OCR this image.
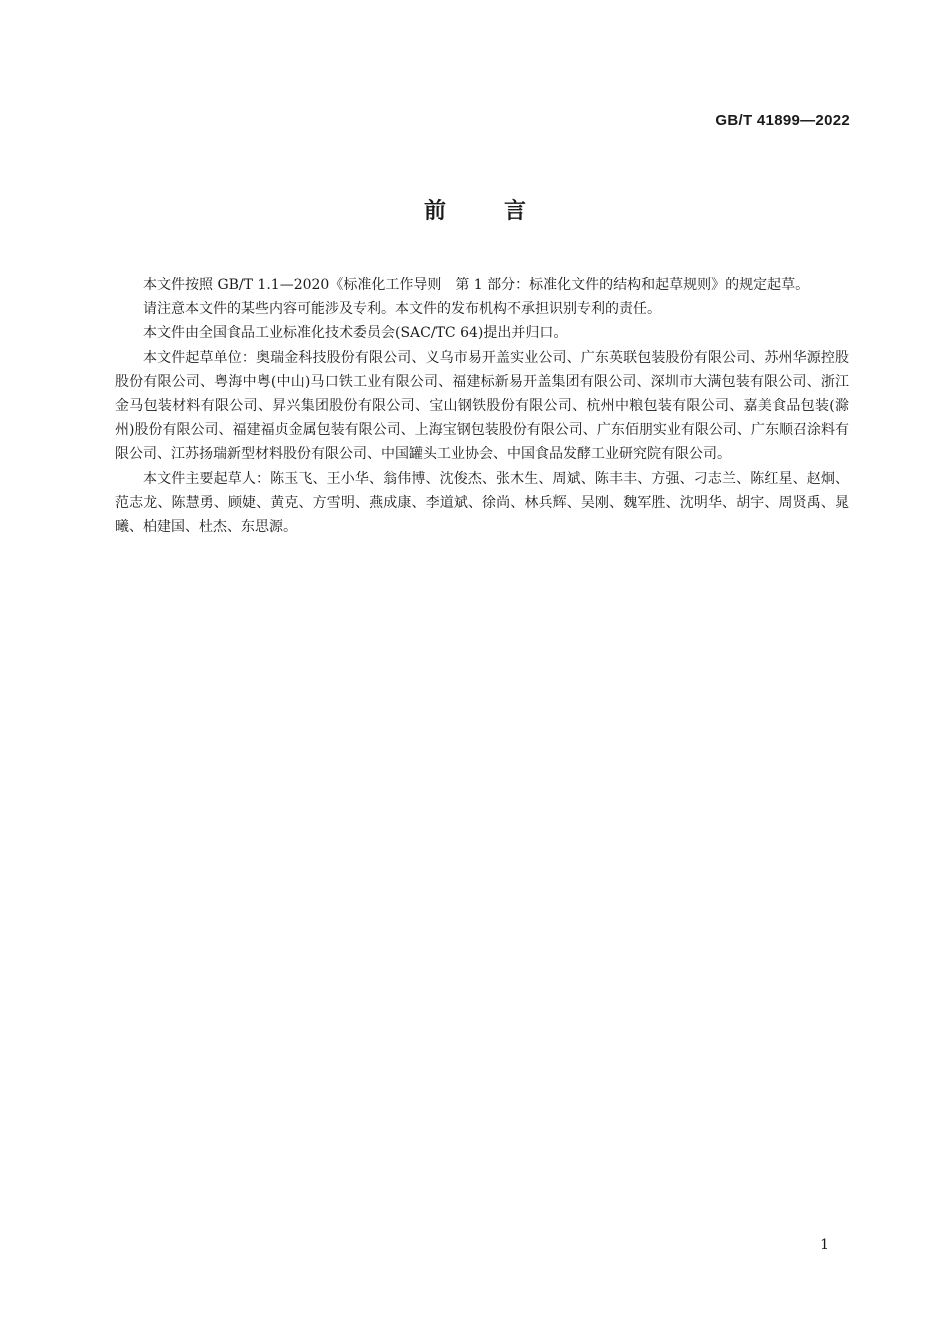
GB/T 41899—2022
前言

本文件按照 GB/T 1.1—2020《标准化工作导则　第 1 部分：标准化文件的结构和起草规则》的规定起草。

请注意本文件的某些内容可能涉及专利。本文件的发布机构不承担识别专利的责任。

本文件由全国食品工业标准化技术委员会(SAC/TC 64)提出并归口。

本文件起草单位：奥瑞金科技股份有限公司、义乌市易开盖实业公司、广东英联包装股份有限公司、苏州华源控股股份有限公司、粤海中粤(中山)马口铁工业有限公司、福建标新易开盖集团有限公司、深圳市大满包装有限公司、浙江金马包装材料有限公司、昇兴集团股份有限公司、宝山钢铁股份有限公司、杭州中粮包装有限公司、嘉美食品包装(滁州)股份有限公司、福建福贞金属包装有限公司、上海宝钢包装股份有限公司、广东佰朋实业有限公司、广东顺召涂料有限公司、江苏扬瑞新型材料股份有限公司、中国罐头工业协会、中国食品发酵工业研究院有限公司。

本文件主要起草人：陈玉飞、王小华、翁伟博、沈俊杰、张木生、周斌、陈丰丰、方强、刁志兰、陈红星、赵炯、范志龙、陈慧勇、顾婕、黄克、方雪明、燕成康、李道斌、徐尚、林兵辉、吴刚、魏军胜、沈明华、胡宇、周贤禹、晁曦、柏建国、杜杰、东思源。

1
